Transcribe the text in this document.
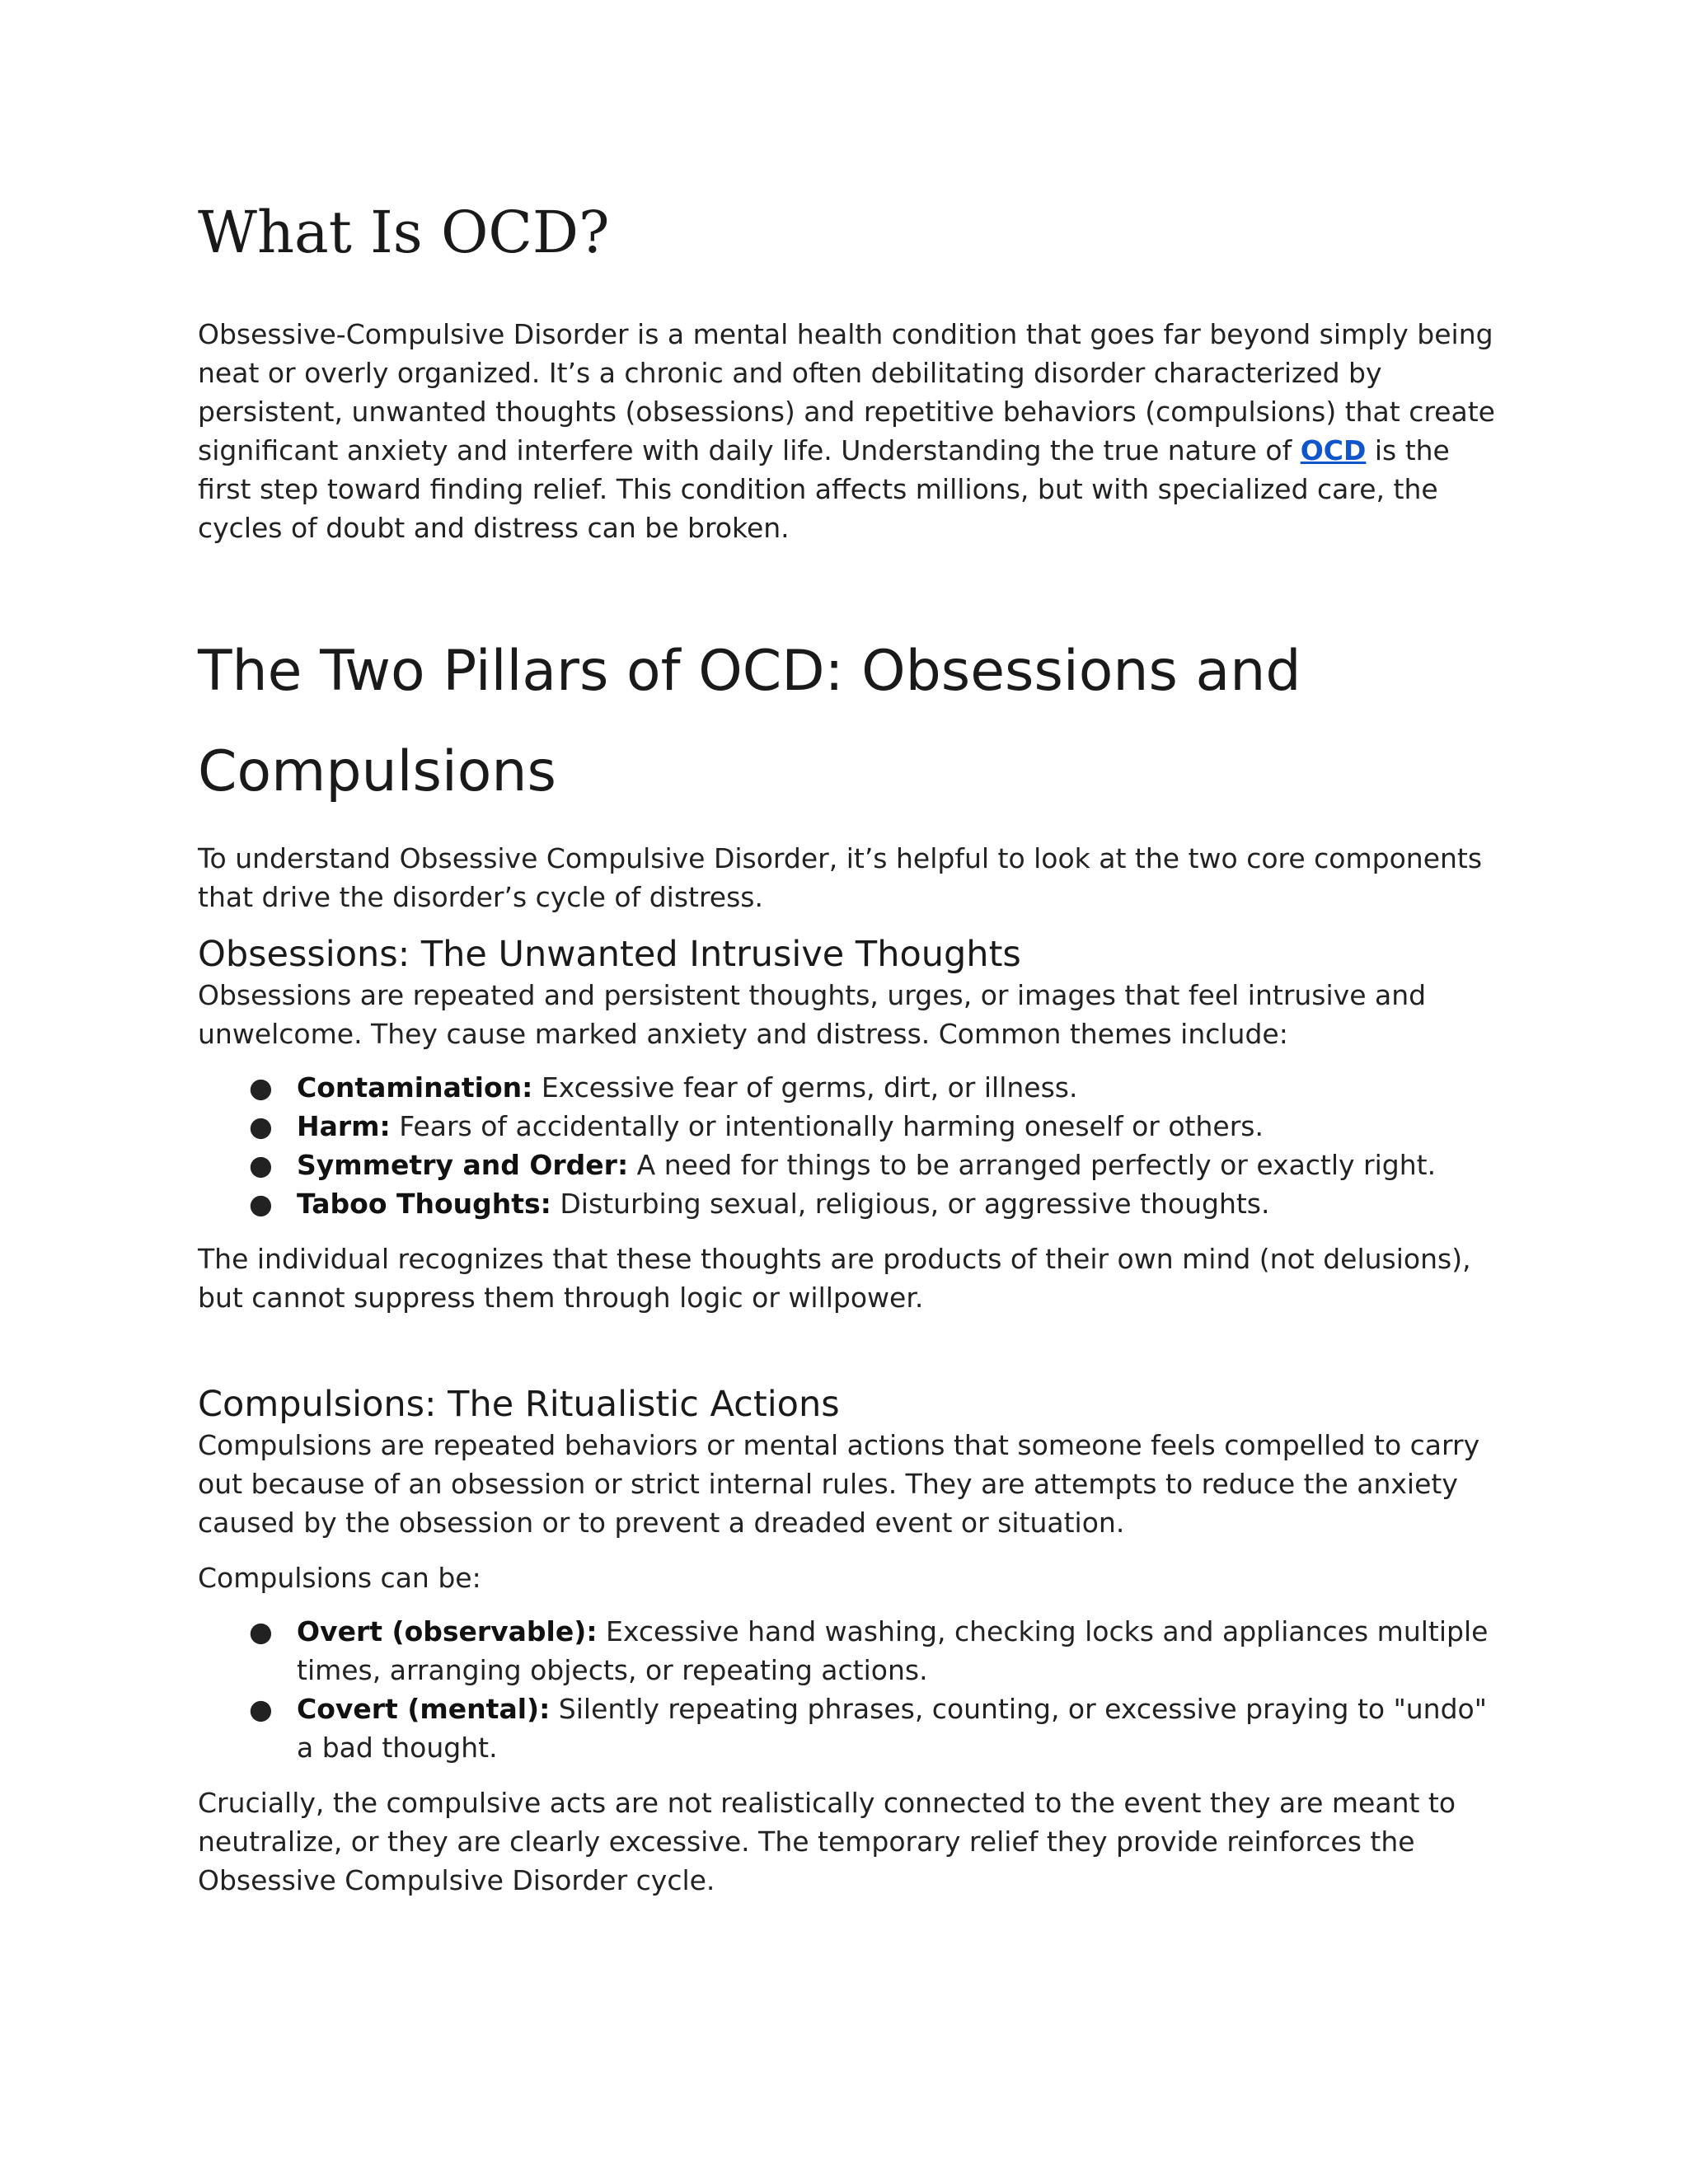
What Is OCD?

Obsessive-Compulsive Disorder is a mental health condition that goes far beyond simply being neat or overly organized. It’s a chronic and often debilitating disorder characterized by persistent, unwanted thoughts (obsessions) and repetitive behaviors (compulsions) that create significant anxiety and interfere with daily life. Understanding the true nature of OCD is the first step toward finding relief. This condition affects millions, but with specialized care, the cycles of doubt and distress can be broken.

The Two Pillars of OCD: Obsessions and Compulsions

To understand Obsessive Compulsive Disorder, it’s helpful to look at the two core components that drive the disorder’s cycle of distress.

Obsessions: The Unwanted Intrusive Thoughts

Obsessions are repeated and persistent thoughts, urges, or images that feel intrusive and unwelcome. They cause marked anxiety and distress. Common themes include:

● Contamination: Excessive fear of germs, dirt, or illness.
● Harm: Fears of accidentally or intentionally harming oneself or others.
● Symmetry and Order: A need for things to be arranged perfectly or exactly right.
● Taboo Thoughts: Disturbing sexual, religious, or aggressive thoughts.

The individual recognizes that these thoughts are products of their own mind (not delusions), but cannot suppress them through logic or willpower.

Compulsions: The Ritualistic Actions

Compulsions are repeated behaviors or mental actions that someone feels compelled to carry out because of an obsession or strict internal rules. They are attempts to reduce the anxiety caused by the obsession or to prevent a dreaded event or situation.

Compulsions can be:

● Overt (observable): Excessive hand washing, checking locks and appliances multiple times, arranging objects, or repeating actions.
● Covert (mental): Silently repeating phrases, counting, or excessive praying to "undo" a bad thought.

Crucially, the compulsive acts are not realistically connected to the event they are meant to neutralize, or they are clearly excessive. The temporary relief they provide reinforces the Obsessive Compulsive Disorder cycle.
